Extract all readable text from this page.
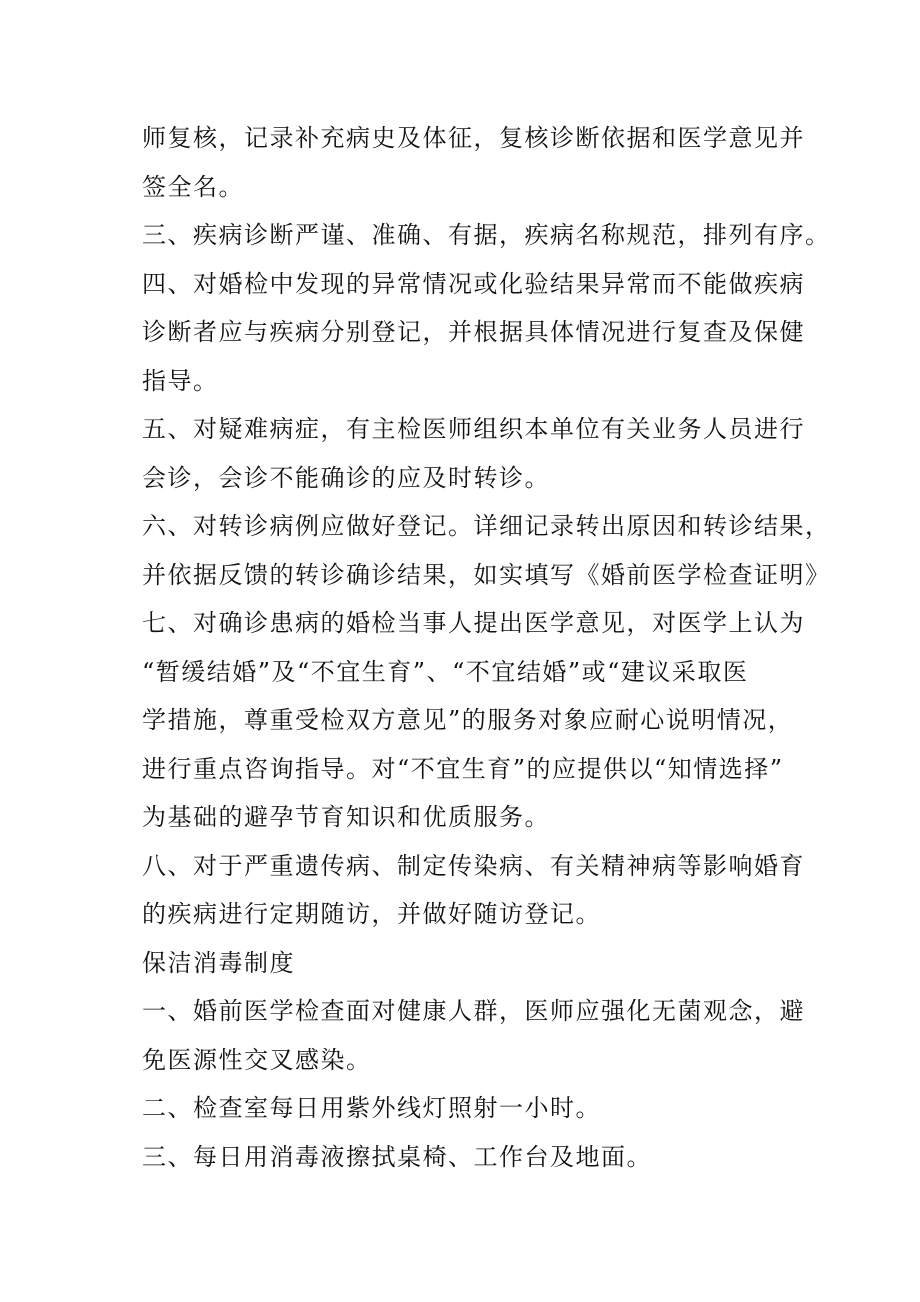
师复核，记录补充病史及体征，复核诊断依据和医学意见并
签全名。
三、疾病诊断严谨、准确、有据，疾病名称规范，排列有序。
四、对婚检中发现的异常情况或化验结果异常而不能做疾病
诊断者应与疾病分别登记，并根据具体情况进行复查及保健
指导。
五、对疑难病症，有主检医师组织本单位有关业务人员进行
会诊，会诊不能确诊的应及时转诊。
六、对转诊病例应做好登记。详细记录转出原因和转诊结果，
并依据反馈的转诊确诊结果，如实填写《婚前医学检查证明》
七、对确诊患病的婚检当事人提出医学意见，对医学上认为
“暂缓结婚”及“不宜生育”、“不宜结婚”或“建议采取医
学措施，尊重受检双方意见”的服务对象应耐心说明情况，
进行重点咨询指导。对“不宜生育”的应提供以“知情选择”
为基础的避孕节育知识和优质服务。
八、对于严重遗传病、制定传染病、有关精神病等影响婚育
的疾病进行定期随访，并做好随访登记。
保洁消毒制度
一、婚前医学检查面对健康人群，医师应强化无菌观念，避
免医源性交叉感染。
二、检查室每日用紫外线灯照射一小时。
三、每日用消毒液擦拭桌椅、工作台及地面。
